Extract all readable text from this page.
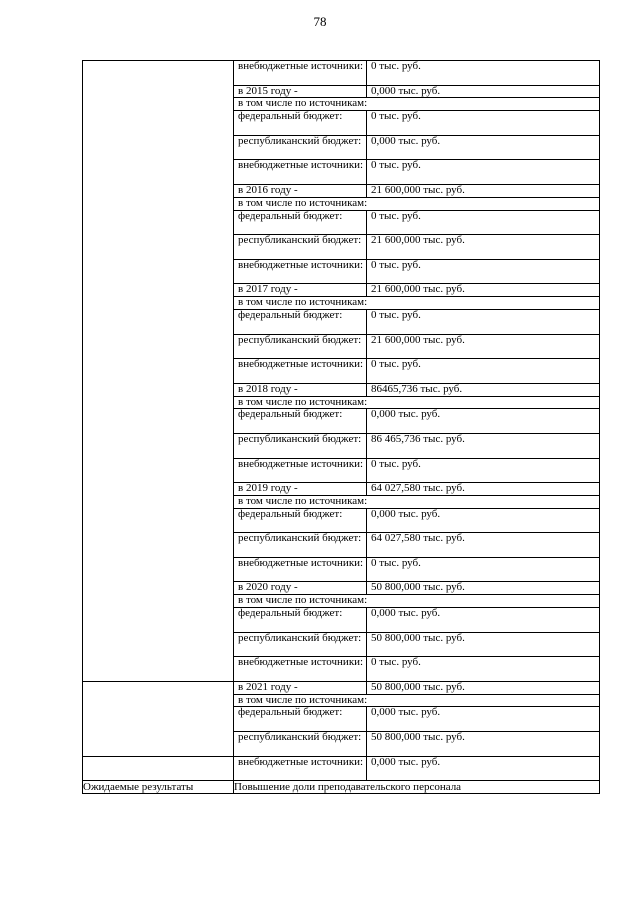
78

внебюджетные источники:	0 тыс. руб.
в 2015 году -	0,000 тыс. руб.
в том числе по источникам:
федеральный бюджет:	0 тыс. руб.
республиканский бюджет:	0,000 тыс. руб.
внебюджетные источники:	0 тыс. руб.
в 2016 году -	21 600,000 тыс. руб.
в том числе по источникам:
федеральный бюджет:	0 тыс. руб.
республиканский бюджет:	21 600,000 тыс. руб.
внебюджетные источники:	0 тыс. руб.
в 2017 году -	21 600,000 тыс. руб.
в том числе по источникам:
федеральный бюджет:	0 тыс. руб.
республиканский бюджет:	21 600,000 тыс. руб.
внебюджетные источники:	0 тыс. руб.
в 2018 году -	86465,736 тыс. руб.
в том числе по источникам:
федеральный бюджет:	0,000 тыс. руб.
республиканский бюджет:	86 465,736 тыс. руб.
внебюджетные источники:	0 тыс. руб.
в 2019 году -	64 027,580 тыс. руб.
в том числе по источникам:
федеральный бюджет:	0,000 тыс. руб.
республиканский бюджет:	64 027,580 тыс. руб.
внебюджетные источники:	0 тыс. руб.
в 2020 году -	50 800,000 тыс. руб.
в том числе по источникам:
федеральный бюджет:	0,000 тыс. руб.
республиканский бюджет:	50 800,000 тыс. руб.
внебюджетные источники:	0 тыс. руб.

в 2021 году -	50 800,000 тыс. руб.
в том числе по источникам:
федеральный бюджет:	0,000 тыс. руб.
республиканский бюджет:	50 800,000 тыс. руб.

внебюджетные источники:	0,000 тыс. руб.

Ожидаемые результаты	Повышение доли преподавательского персонала
